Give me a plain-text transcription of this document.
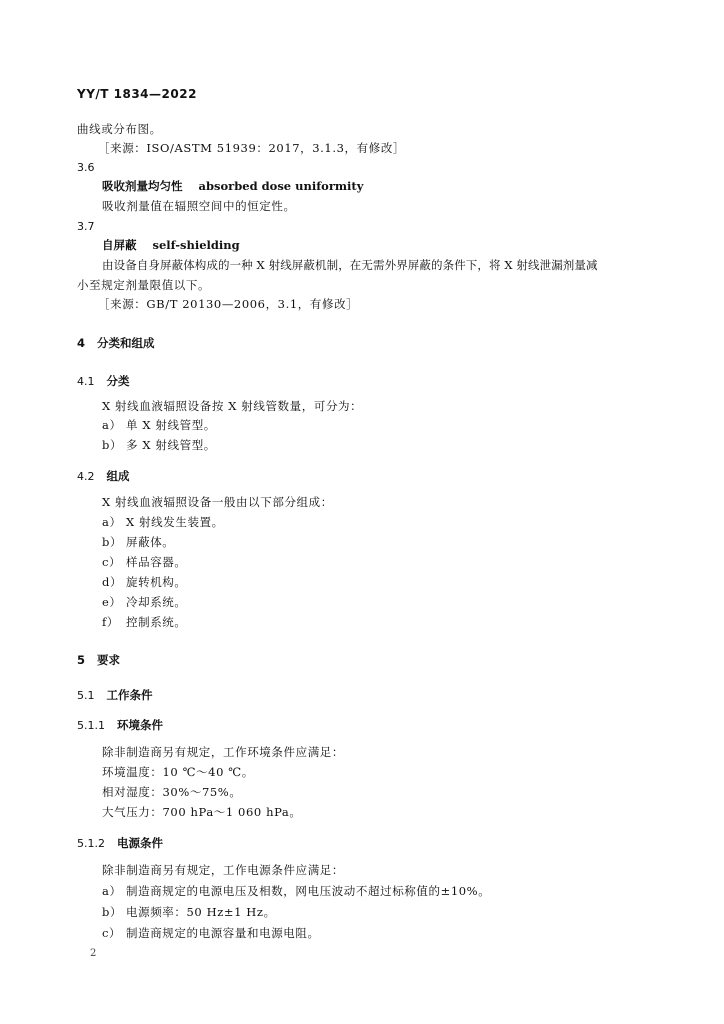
YY/T 1834—2022
曲线或分布图。
［来源：ISO/ASTM 51939：2017，3.1.3，有修改］
3.6
吸收剂量均匀性 absorbed dose uniformity
吸收剂量值在辐照空间中的恒定性。
3.7
自屏蔽 self-shielding
由设备自身屏蔽体构成的一种 X 射线屏蔽机制，在无需外界屏蔽的条件下，将 X 射线泄漏剂量减
小至规定剂量限值以下。
［来源：GB/T 20130—2006，3.1，有修改］
4 分类和组成
4.1 分类
X 射线血液辐照设备按 X 射线管数量，可分为：
a） 单 X 射线管型。
b） 多 X 射线管型。
4.2 组成
X 射线血液辐照设备一般由以下部分组成：
a） X 射线发生装置。
b） 屏蔽体。
c） 样品容器。
d） 旋转机构。
e） 冷却系统。
f） 控制系统。
5 要求
5.1 工作条件
5.1.1 环境条件
除非制造商另有规定，工作环境条件应满足：
环境温度：10 ℃～40 ℃。
相对湿度：30%～75%。
大气压力：700 hPa～1 060 hPa。
5.1.2 电源条件
除非制造商另有规定，工作电源条件应满足：
a） 制造商规定的电源电压及相数，网电压波动不超过标称值的±10%。
b） 电源频率：50 Hz±1 Hz。
c） 制造商规定的电源容量和电源电阻。
2
